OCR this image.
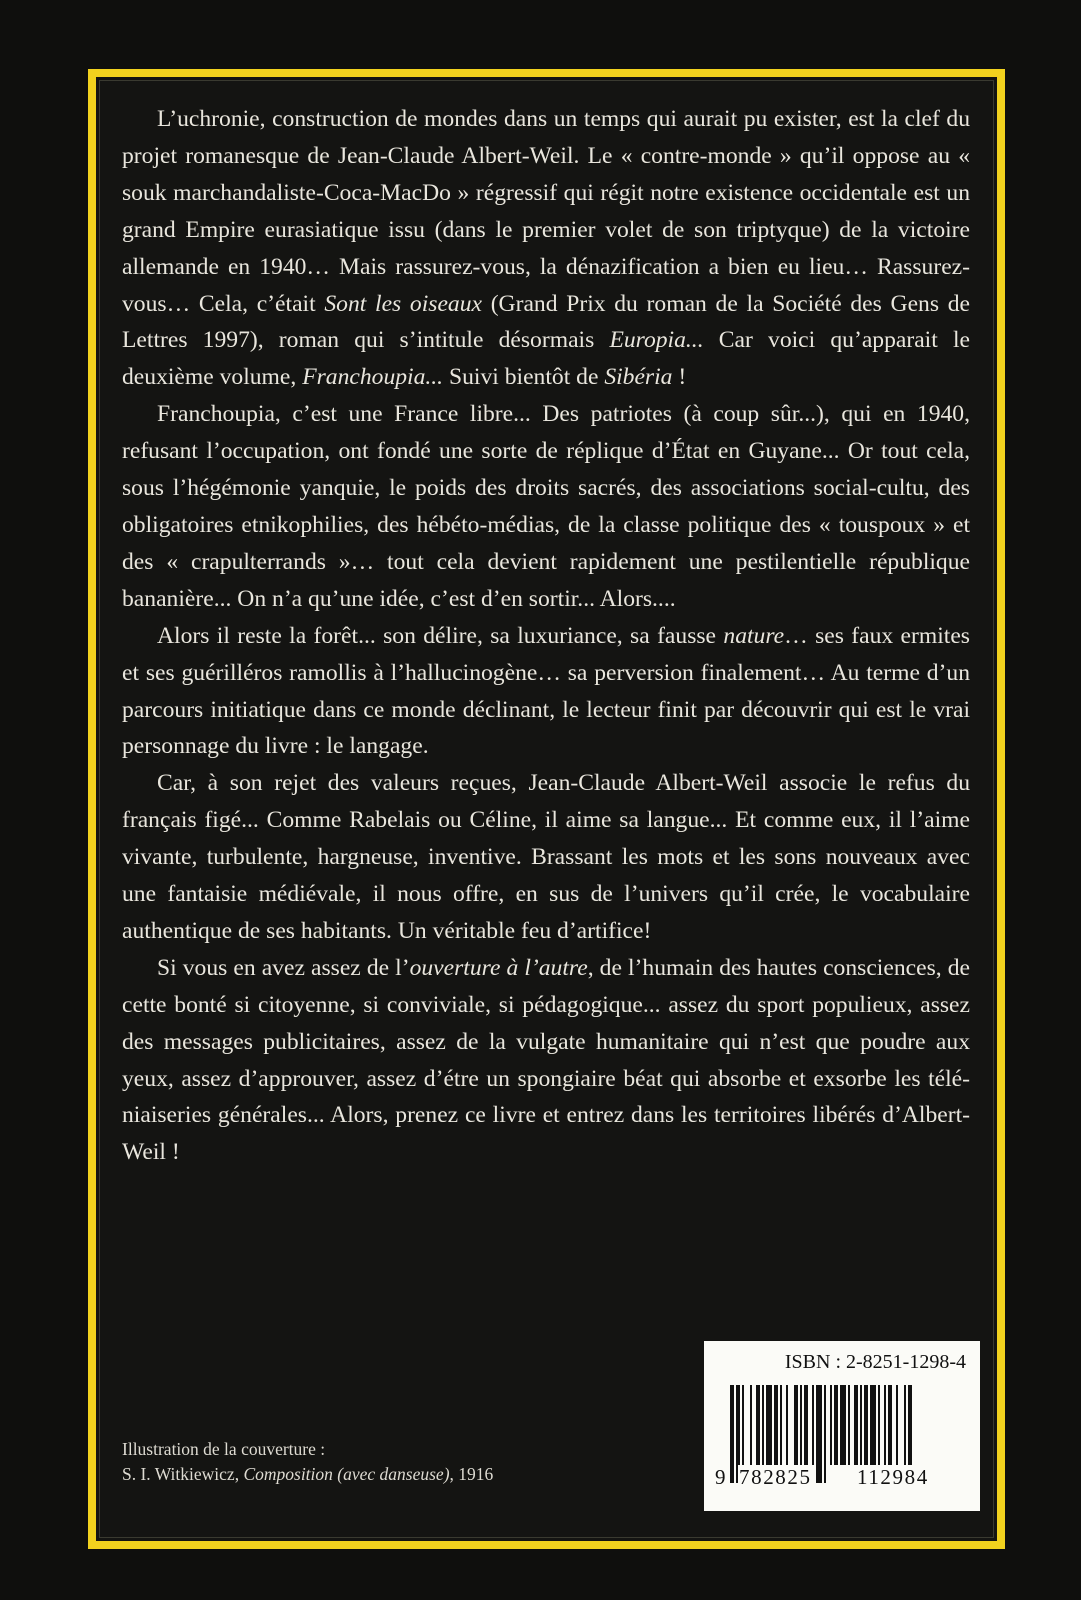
L’uchronie, construction de mondes dans un temps qui aurait pu exister, est la clef du projet romanesque de Jean-Claude Albert-Weil. Le « contre-monde » qu’il oppose au « souk marchandaliste-Coca-MacDo » régressif qui régit notre existence occidentale est un grand Empire eurasiatique issu (dans le premier volet de son triptyque) de la victoire allemande en 1940… Mais rassurez-vous, la dénazification a bien eu lieu… Rassurez-vous… Cela, c’était Sont les oiseaux (Grand Prix du roman de la Société des Gens de Lettres 1997), roman qui s’intitule désormais Europia... Car voici qu’apparait le deuxième volume, Franchoupia... Suivi bientôt de Sibéria !

Franchoupia, c’est une France libre... Des patriotes (à coup sûr...), qui en 1940, refusant l’occupation, ont fondé une sorte de réplique d’État en Guyane... Or tout cela, sous l’hégémonie yanquie, le poids des droits sacrés, des associations social-cultu, des obligatoires etnikophilies, des hébéto-médias, de la classe politique des « touspoux » et des « crapulterrands »… tout cela devient rapidement une pestilentielle république bananière... On n’a qu’une idée, c’est d’en sortir... Alors....

Alors il reste la forêt... son délire, sa luxuriance, sa fausse nature… ses faux ermites et ses guérilléros ramollis à l’hallucinogène… sa perversion finalement… Au terme d’un parcours initiatique dans ce monde déclinant, le lecteur finit par découvrir qui est le vrai personnage du livre : le langage.

Car, à son rejet des valeurs reçues, Jean-Claude Albert-Weil associe le refus du français figé... Comme Rabelais ou Céline, il aime sa langue... Et comme eux, il l’aime vivante, turbulente, hargneuse, inventive. Brassant les mots et les sons nouveaux avec une fantaisie médiévale, il nous offre, en sus de l’univers qu’il crée, le vocabulaire authentique de ses habitants. Un véritable feu d’artifice!

Si vous en avez assez de l’ouverture à l’autre, de l’humain des hautes consciences, de cette bonté si citoyenne, si conviviale, si pédagogique... assez du sport populieux, assez des messages publicitaires, assez de la vulgate humanitaire qui n’est que poudre aux yeux, assez d’approuver, assez d’étre un spongiaire béat qui absorbe et exsorbe les télé-niaiseries générales... Alors, prenez ce livre et entrez dans les territoires libérés d’Albert-Weil !

ISBN : 2-8251-1298-4
9 782825 112984
Illustration de la couverture :
S. I. Witkiewicz, Composition (avec danseuse), 1916
